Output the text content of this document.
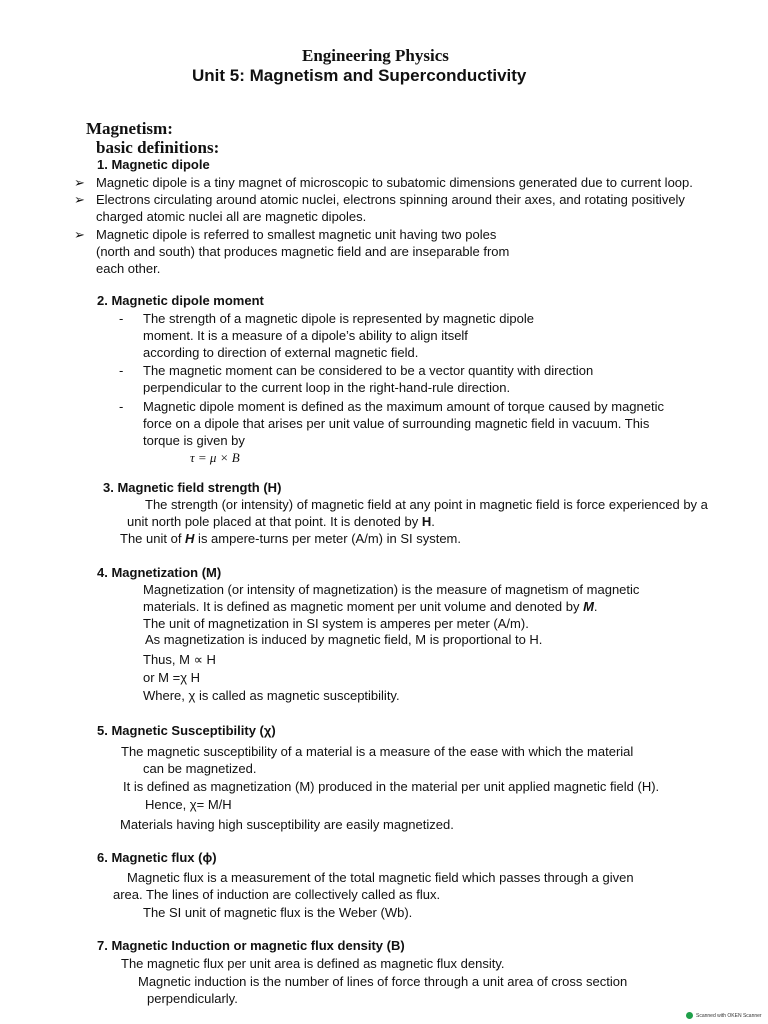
Engineering Physics
Unit 5: Magnetism and Superconductivity
Magnetism:
basic definitions:
1. Magnetic dipole
➢ Magnetic dipole is a tiny magnet of microscopic to subatomic dimensions generated due to current loop.
➢ Electrons circulating around atomic nuclei, electrons spinning around their axes, and rotating positively
charged atomic nuclei all are magnetic dipoles.
➢ Magnetic dipole is referred to smallest magnetic unit having two poles
(north and south) that produces magnetic field and are inseparable from
each other.
2. Magnetic dipole moment
- The strength of a magnetic dipole is represented by magnetic dipole
moment. It is a measure of a dipole’s ability to align itself
according to direction of external magnetic field.
- The magnetic moment can be considered to be a vector quantity with direction
perpendicular to the current loop in the right-hand-rule direction.
- Magnetic dipole moment is defined as the maximum amount of torque caused by magnetic
force on a dipole that arises per unit value of surrounding magnetic field in vacuum. This
torque is given by
τ = μ × B
3. Magnetic field strength (H)
The strength (or intensity) of magnetic field at any point in magnetic field is force experienced by a
unit north pole placed at that point. It is denoted by H.
The unit of H is ampere-turns per meter (A/m) in SI system.
4. Magnetization (M)
Magnetization (or intensity of magnetization) is the measure of magnetism of magnetic
materials. It is defined as magnetic moment per unit volume and denoted by M.
The unit of magnetization in SI system is amperes per meter (A/m).
As magnetization is induced by magnetic field, M is proportional to H.
Thus, M ∝ H
or M =χ H
Where, χ is called as magnetic susceptibility.
5. Magnetic Susceptibility (χ)
The magnetic susceptibility of a material is a measure of the ease with which the material
can be magnetized.
It is defined as magnetization (M) produced in the material per unit applied magnetic field (H).
Hence, χ= M/H
Materials having high susceptibility are easily magnetized.
6. Magnetic flux (ϕ)
Magnetic flux is a measurement of the total magnetic field which passes through a given
area. The lines of induction are collectively called as flux.
The SI unit of magnetic flux is the Weber (Wb).
7. Magnetic Induction or magnetic flux density (B)
The magnetic flux per unit area is defined as magnetic flux density.
Magnetic induction is the number of lines of force through a unit area of cross section
perpendicularly.
Scanned with OKEN Scanner
